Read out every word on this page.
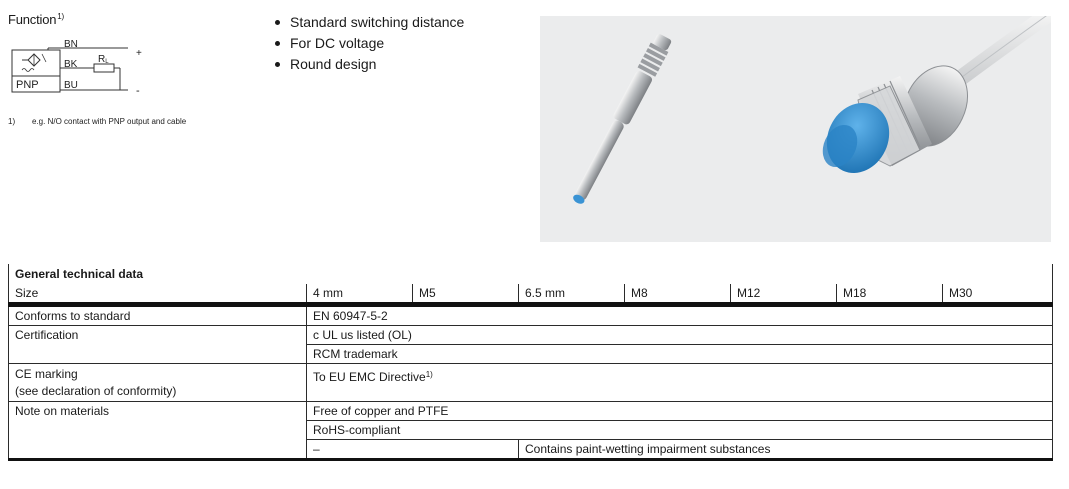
Function$^{1)}$
BN
BK
BU
RL
+
-
PNP
1) e.g. N/O contact with PNP output and cable
Standard switching distance
For DC voltage
Round design
General technical data							
Size	4 mm	M5	6.5 mm	M8	M12	M18	M30
Conforms to standard	EN 60947-5-2						
Certification	c UL us listed (OL)						
	RCM trademark						

CE marking
(see declaration of conformity)	To EU EMC Directive$^{1)}$
Note on materials	Free of copper and PTFE						
	RoHS-compliant						
	–		Contains paint-wetting impairment substances				
